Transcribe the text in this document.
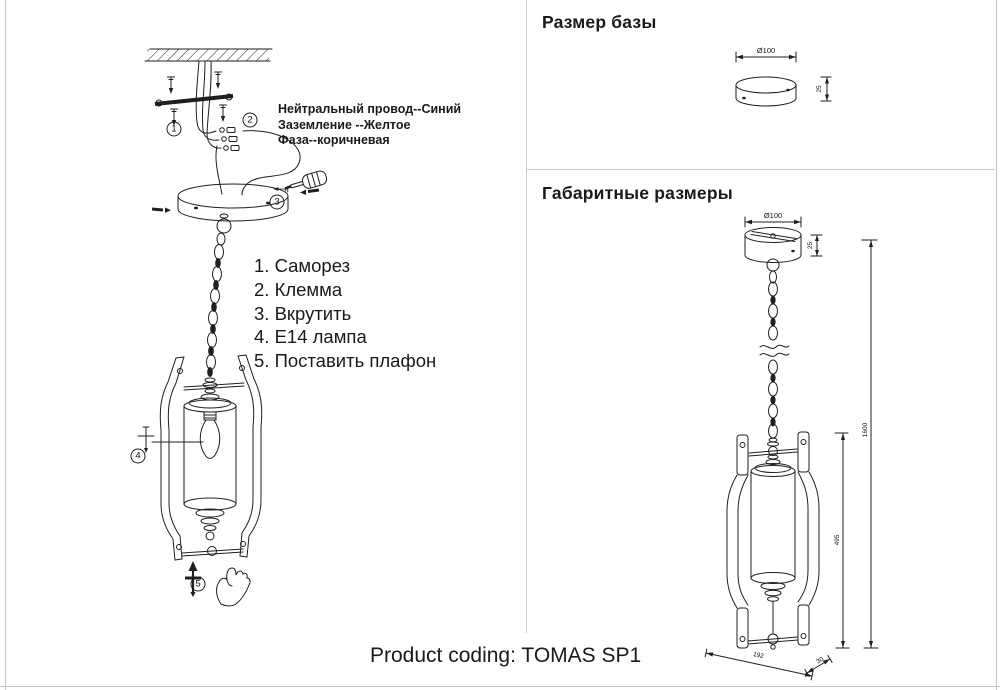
1
2
3
4
5
Нейтральный провод--Синий
Заземление --Желтое
Фаза--коричневая
1. Саморез
2. Клемма
3. Вкрутить
4. Е14 лампа
5. Поставить плафон
Размер базы
Ø100
25
Габаритные размеры
Ø100
25
1600
495
192
30
Product coding: TOMAS SP1
